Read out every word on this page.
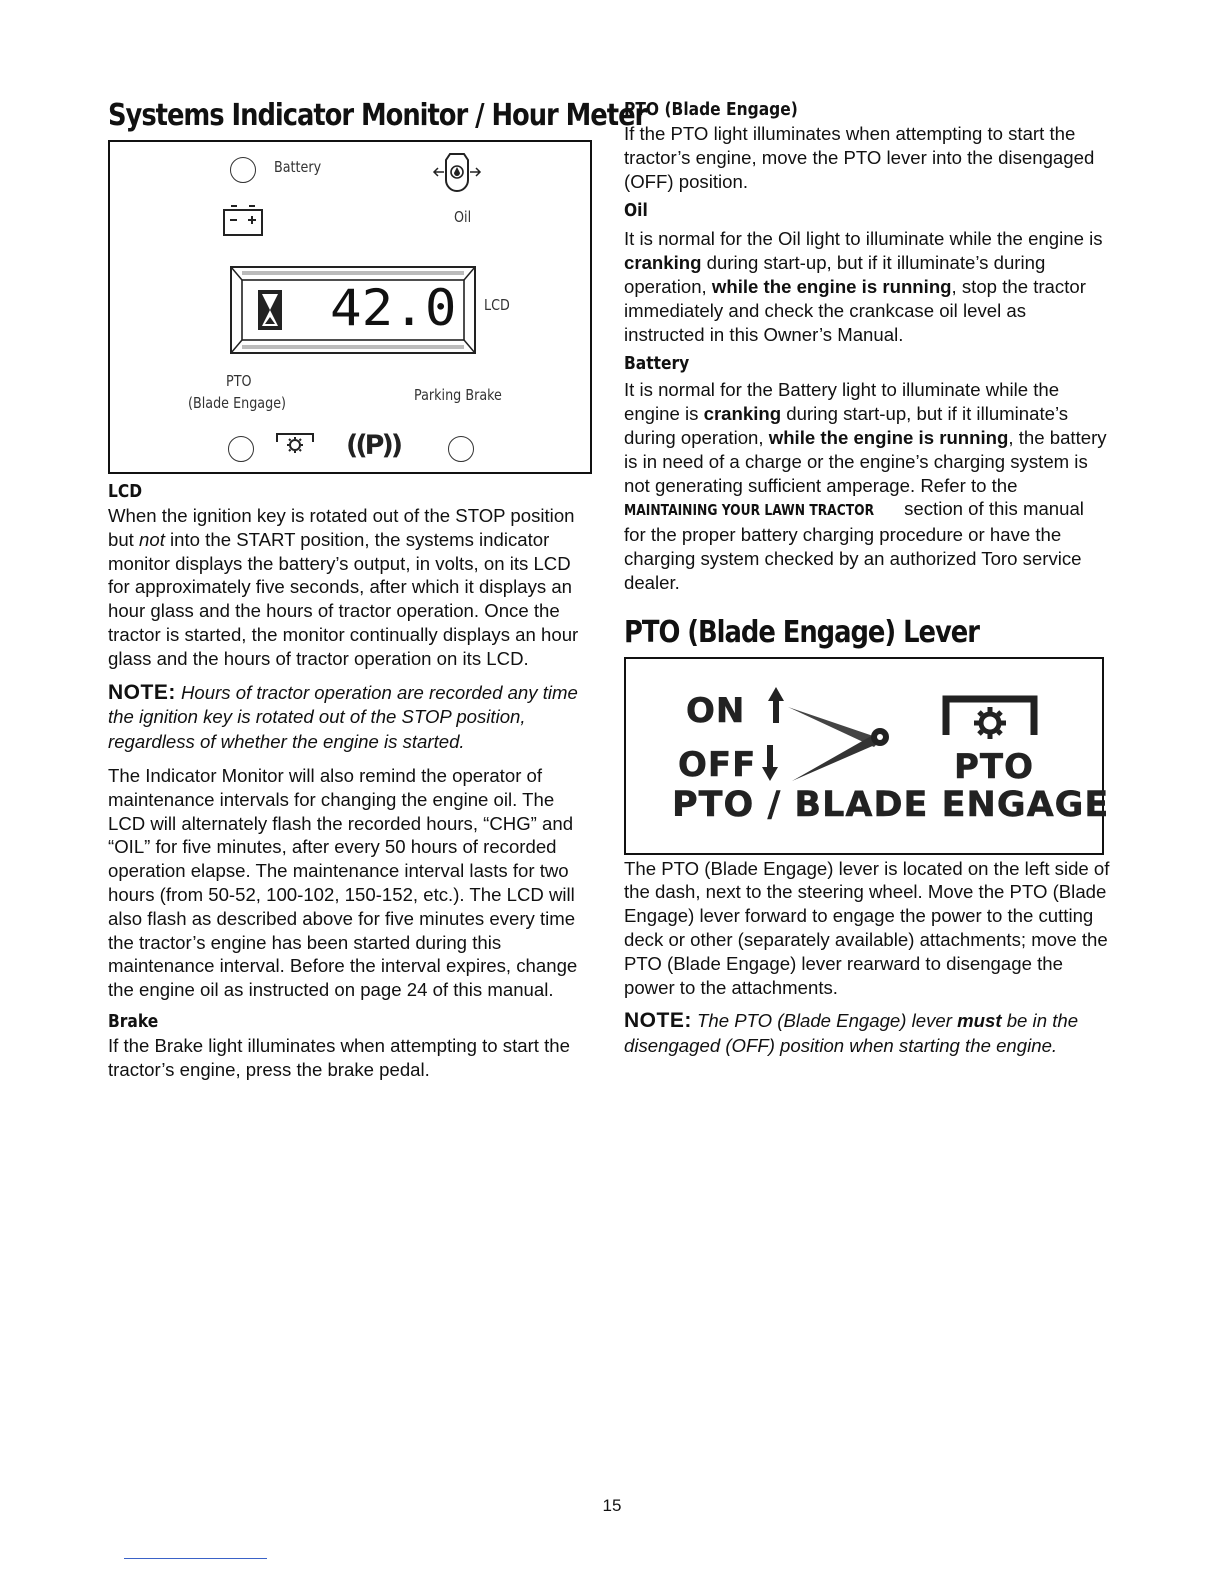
Systems Indicator Monitor / Hour Meter
Battery
Oil
42.0 LCD
PTO
(Blade Engage)	Parking Brake
((P))
LCD

When the ignition key is rotated out of the STOP position but not into the START position, the systems indicator monitor displays the battery’s output, in volts, on its LCD for approximately five seconds, after which it displays an hour glass and the hours of tractor operation. Once the tractor is started, the monitor continually displays an hour glass and the hours of tractor operation on its LCD.

NOTE: Hours of tractor operation are recorded any time the ignition key is rotated out of the STOP position, regardless of whether the engine is started.

The Indicator Monitor will also remind the operator of maintenance intervals for changing the engine oil. The LCD will alternately flash the recorded hours, “CHG” and “OIL” for five minutes, after every 50 hours of recorded operation elapse. The maintenance interval lasts for two hours (from 50-52, 100-102, 150-152, etc.). The LCD will also flash as described above for five minutes every time the tractor’s engine has been started during this maintenance interval. Before the interval expires, change the engine oil as instructed on page 24 of this manual.

Brake

If the Brake light illuminates when attempting to start the tractor’s engine, press the brake pedal.

PTO (Blade Engage)

If the PTO light illuminates when attempting to start the tractor’s engine, move the PTO lever into the disengaged (OFF) position.

Oil

It is normal for the Oil light to illuminate while the engine is cranking during start-up, but if it illuminate’s during operation, while the engine is running, stop the tractor immediately and check the crankcase oil level as instructed in this Owner’s Manual.

Battery

It is normal for the Battery light to illuminate while the engine is cranking during start-up, but if it illuminate’s during operation, while the engine is running, the battery is in need of a charge or the engine’s charging system is not generating sufficient amperage. Refer to the MAINTAINING YOUR LAWN TRACTOR section of this manual for the proper battery charging procedure or have the charging system checked by an authorized Toro service dealer.

PTO (Blade Engage) Lever
ON
OFF	PTO
PTO / BLADE ENGAGE

The PTO (Blade Engage) lever is located on the left side of the dash, next to the steering wheel. Move the PTO (Blade Engage) lever forward to engage the power to the cutting deck or other (separately available) attachments; move the PTO (Blade Engage) lever rearward to disengage the power to the attachments.

NOTE: The PTO (Blade Engage) lever must be in the disengaged (OFF) position when starting the engine.

15
